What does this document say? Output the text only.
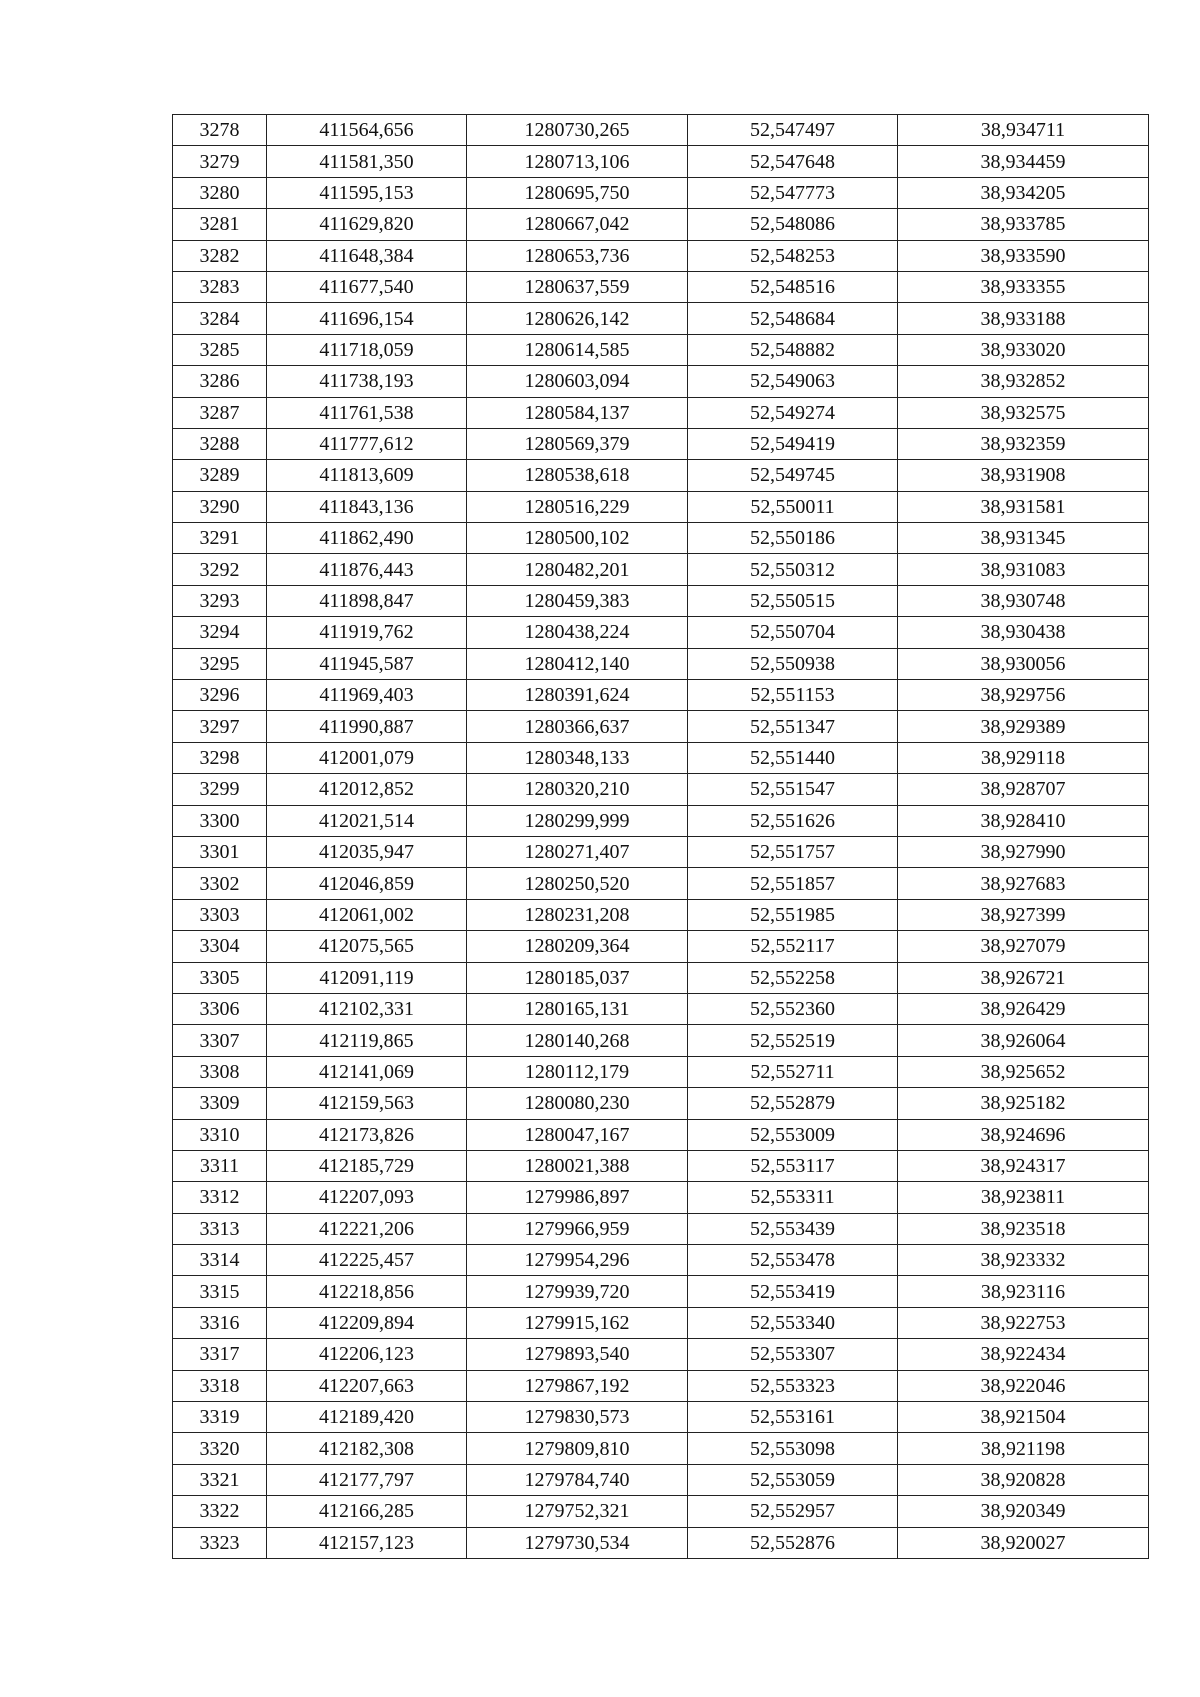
3278	411564,656	1280730,265	52,547497	38,934711
3279	411581,350	1280713,106	52,547648	38,934459
3280	411595,153	1280695,750	52,547773	38,934205
3281	411629,820	1280667,042	52,548086	38,933785
3282	411648,384	1280653,736	52,548253	38,933590
3283	411677,540	1280637,559	52,548516	38,933355
3284	411696,154	1280626,142	52,548684	38,933188
3285	411718,059	1280614,585	52,548882	38,933020
3286	411738,193	1280603,094	52,549063	38,932852
3287	411761,538	1280584,137	52,549274	38,932575
3288	411777,612	1280569,379	52,549419	38,932359
3289	411813,609	1280538,618	52,549745	38,931908
3290	411843,136	1280516,229	52,550011	38,931581
3291	411862,490	1280500,102	52,550186	38,931345
3292	411876,443	1280482,201	52,550312	38,931083
3293	411898,847	1280459,383	52,550515	38,930748
3294	411919,762	1280438,224	52,550704	38,930438
3295	411945,587	1280412,140	52,550938	38,930056
3296	411969,403	1280391,624	52,551153	38,929756
3297	411990,887	1280366,637	52,551347	38,929389
3298	412001,079	1280348,133	52,551440	38,929118
3299	412012,852	1280320,210	52,551547	38,928707
3300	412021,514	1280299,999	52,551626	38,928410
3301	412035,947	1280271,407	52,551757	38,927990
3302	412046,859	1280250,520	52,551857	38,927683
3303	412061,002	1280231,208	52,551985	38,927399
3304	412075,565	1280209,364	52,552117	38,927079
3305	412091,119	1280185,037	52,552258	38,926721
3306	412102,331	1280165,131	52,552360	38,926429
3307	412119,865	1280140,268	52,552519	38,926064
3308	412141,069	1280112,179	52,552711	38,925652
3309	412159,563	1280080,230	52,552879	38,925182
3310	412173,826	1280047,167	52,553009	38,924696
3311	412185,729	1280021,388	52,553117	38,924317
3312	412207,093	1279986,897	52,553311	38,923811
3313	412221,206	1279966,959	52,553439	38,923518
3314	412225,457	1279954,296	52,553478	38,923332
3315	412218,856	1279939,720	52,553419	38,923116
3316	412209,894	1279915,162	52,553340	38,922753
3317	412206,123	1279893,540	52,553307	38,922434
3318	412207,663	1279867,192	52,553323	38,922046
3319	412189,420	1279830,573	52,553161	38,921504
3320	412182,308	1279809,810	52,553098	38,921198
3321	412177,797	1279784,740	52,553059	38,920828
3322	412166,285	1279752,321	52,552957	38,920349
3323	412157,123	1279730,534	52,552876	38,920027
